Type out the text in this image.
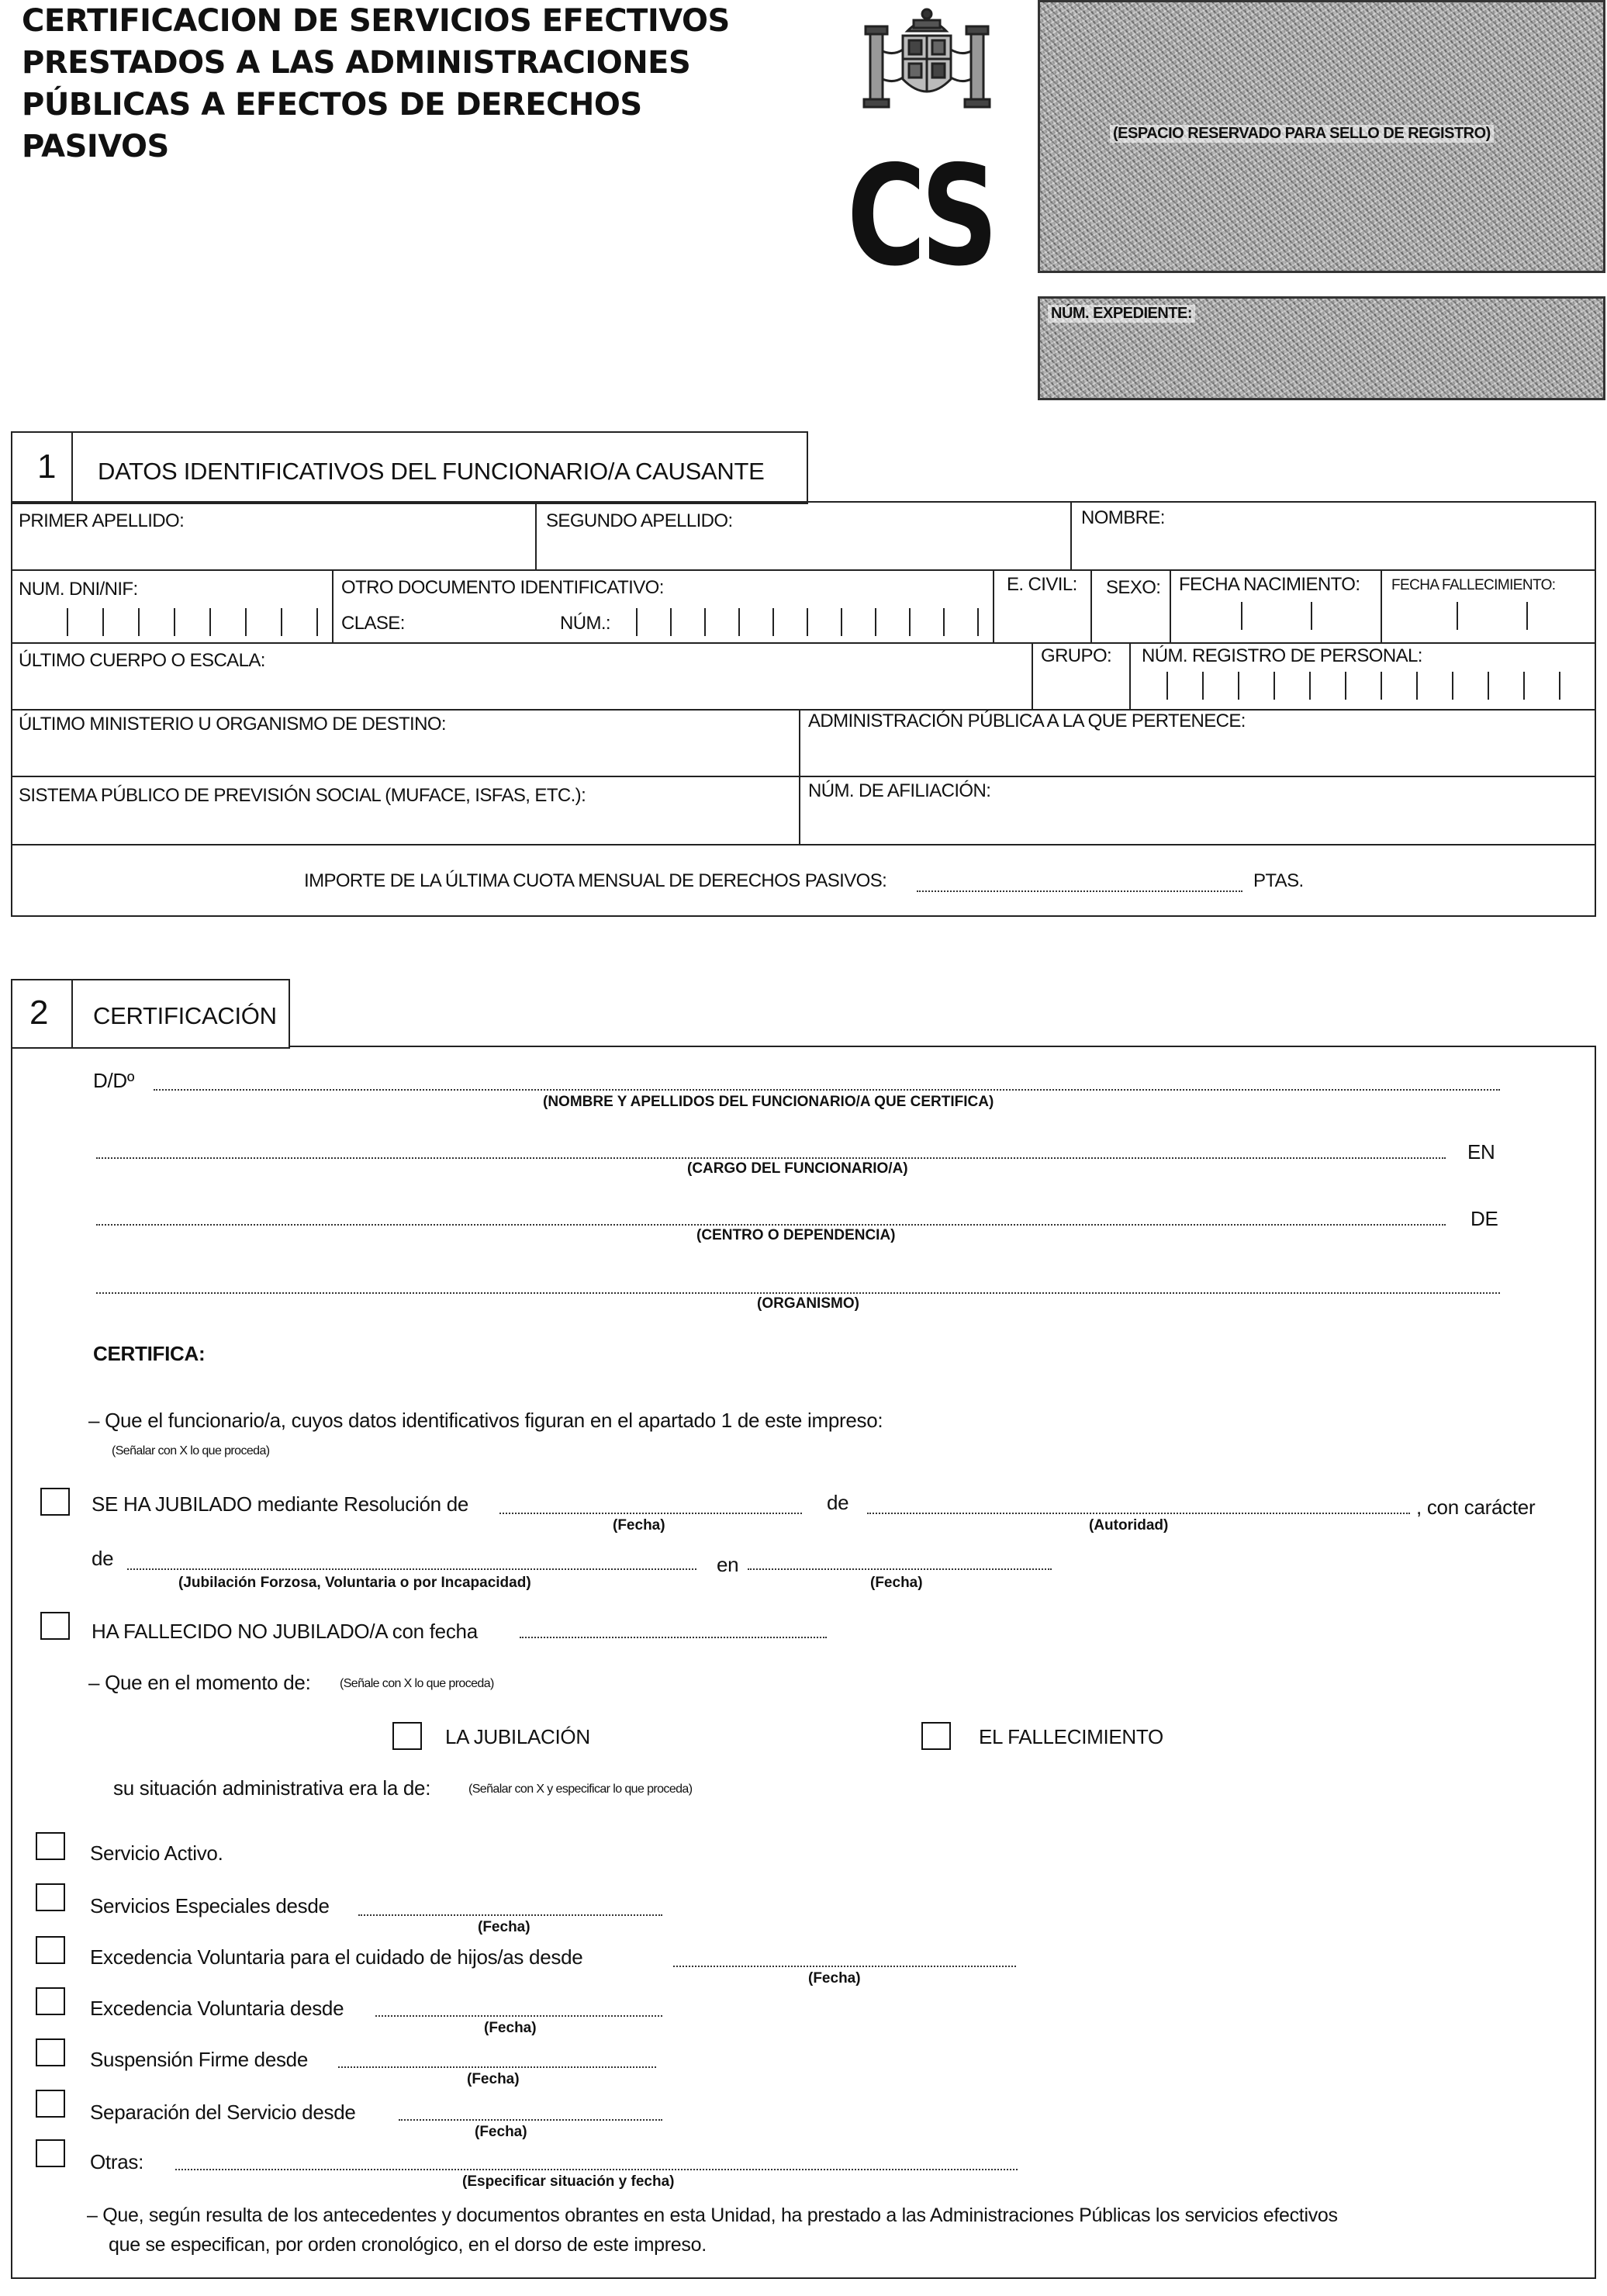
CERTIFICACION DE SERVICIOS EFECTIVOS
PRESTADOS A LAS ADMINISTRACIONES
PÚBLICAS A EFECTOS DE DERECHOS
PASIVOS	CS
(ESPACIO RESERVADO PARA SELLO DE REGISTRO)
NÚM. EXPEDIENTE:
1 DATOS IDENTIFICATIVOS DEL FUNCIONARIO/A CAUSANTE
PRIMER APELLIDO:	SEGUNDO APELLIDO:	NOMBRE:
NUM. DNI/NIF:	OTRO DOCUMENTO IDENTIFICATIVO:
CLASE:	NÚM.:
E. CIVIL: SEXO: FECHA NACIMIENTO: FECHA FALLECIMIENTO:
ÚLTIMO CUERPO O ESCALA:	GRUPO: NÚM. REGISTRO DE PERSONAL:
ÚLTIMO MINISTERIO U ORGANISMO DE DESTINO:	ADMINISTRACIÓN PÚBLICA A LA QUE PERTENECE:
SISTEMA PÚBLICO DE PREVISIÓN SOCIAL (MUFACE, ISFAS, ETC.):	NÚM. DE AFILIACIÓN:
IMPORTE DE LA ÚLTIMA CUOTA MENSUAL DE DERECHOS PASIVOS:	PTAS.
2 CERTIFICACIÓN
D/Dº
(NOMBRE Y APELLIDOS DEL FUNCIONARIO/A QUE CERTIFICA)
EN
(CARGO DEL FUNCIONARIO/A)
DE
(CENTRO O DEPENDENCIA)
(ORGANISMO)
CERTIFICA:
– Que el funcionario/a, cuyos datos identificativos figuran en el apartado 1 de este impreso:
(Señalar con X lo que proceda)
SE HA JUBILADO mediante Resolución de
(Fecha)
de
(Autoridad)
, con carácter
de
(Jubilación Forzosa, Voluntaria o por Incapacidad)
en
(Fecha)
HA FALLECIDO NO JUBILADO/A con fecha
– Que en el momento de: (Señale con X lo que proceda)
LA JUBILACIÓN	EL FALLECIMIENTO
su situación administrativa era la de:	(Señalar con X y especificar lo que proceda)
Servicio Activo.
Servicios Especiales desde
(Fecha)
Excedencia Voluntaria para el cuidado de hijos/as desde
(Fecha)
Excedencia Voluntaria desde
(Fecha)
Suspensión Firme desde
(Fecha)
Separación del Servicio desde
(Fecha)
Otras:
(Especificar situación y fecha)
– Que, según resulta de los antecedentes y documentos obrantes en esta Unidad, ha prestado a las Administraciones Públicas los servicios efectivos
que se especifican, por orden cronológico, en el dorso de este impreso.
